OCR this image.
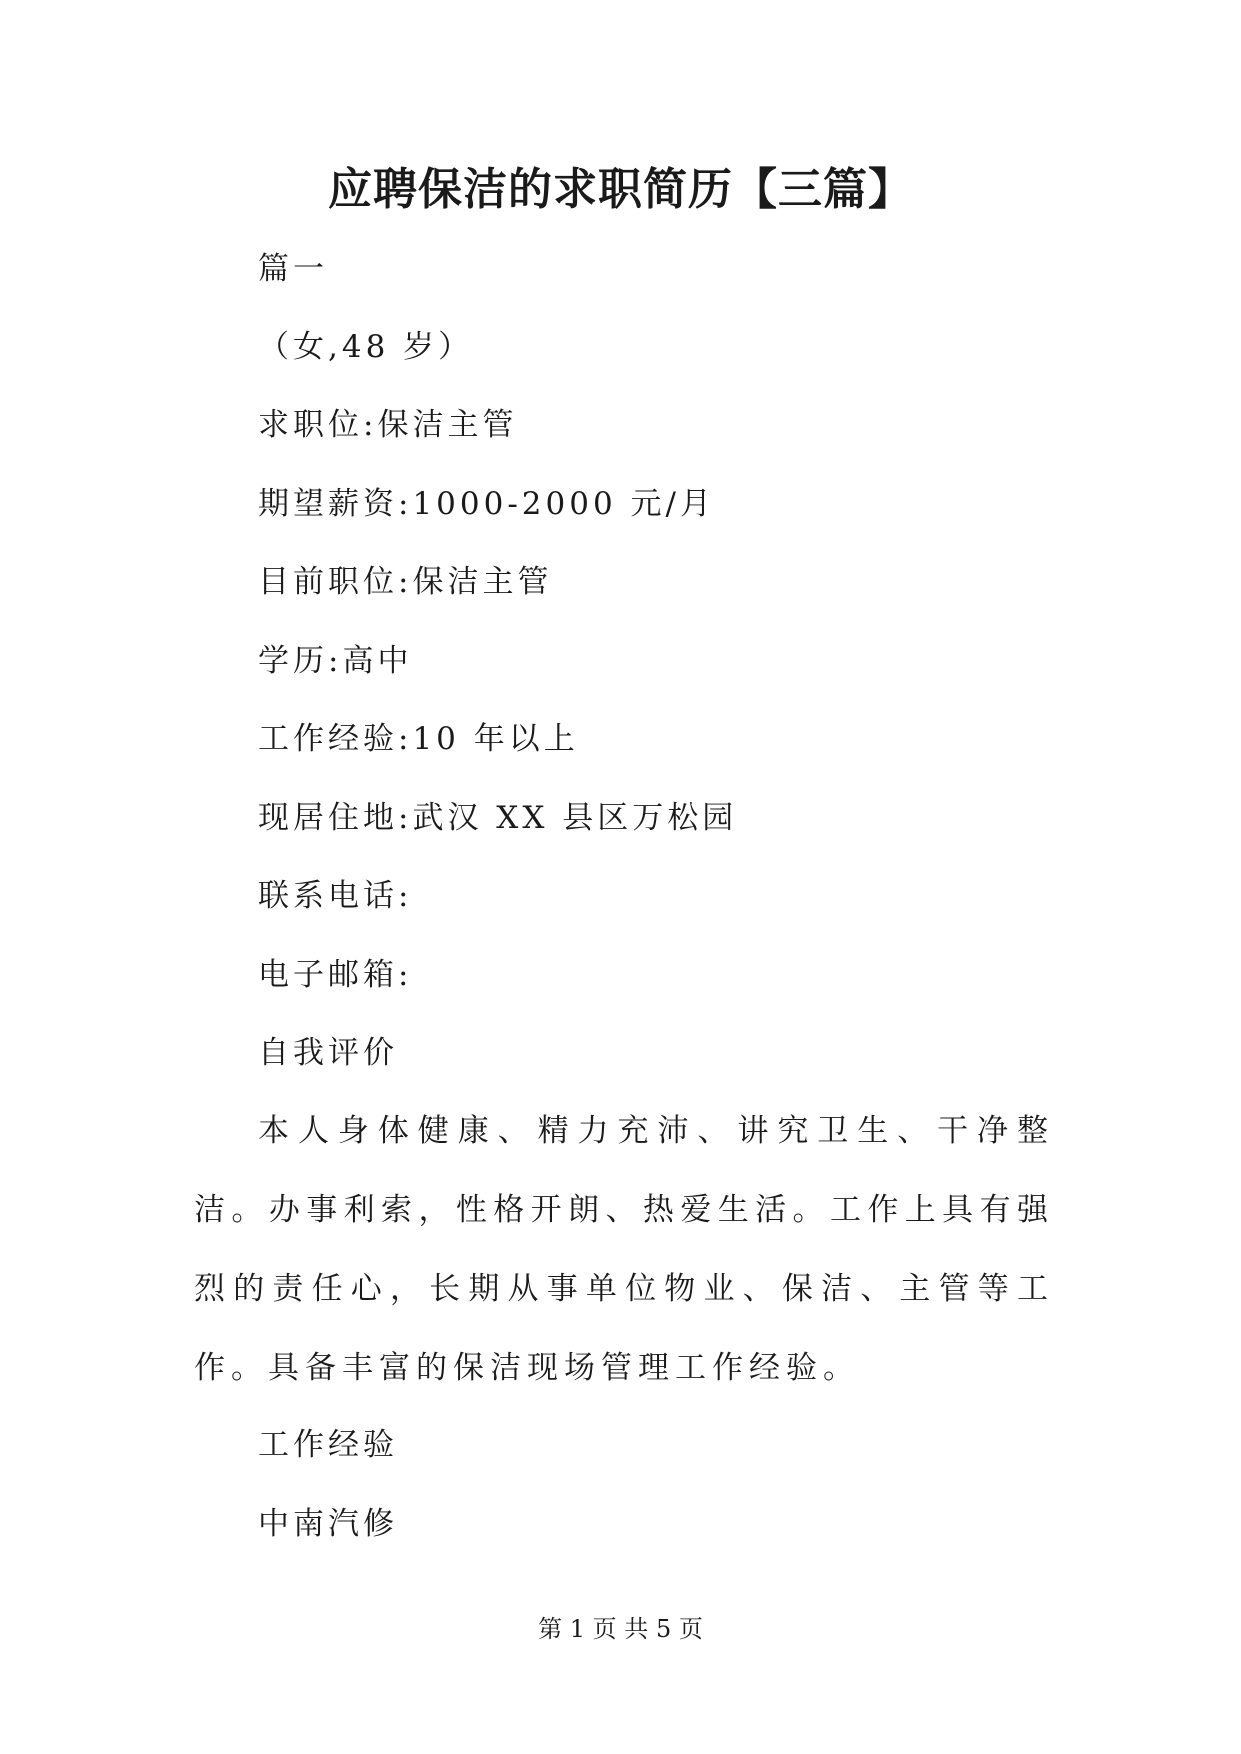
应聘保洁的求职简历【三篇】

篇一

（女,48 岁）

求职位:保洁主管

期望薪资:1000-2000 元/月

目前职位:保洁主管

学历:高中

工作经验:10 年以上

现居住地:武汉 XX 县区万松园

联系电话:

电子邮箱:

自我评价

本人身体健康、精力充沛、讲究卫生、干净整洁。办事利索，性格开朗、热爱生活。工作上具有强烈的责任心，长期从事单位物业、保洁、主管等工作。具备丰富的保洁现场管理工作经验。

工作经验

中南汽修

第 1 页 共 5 页
